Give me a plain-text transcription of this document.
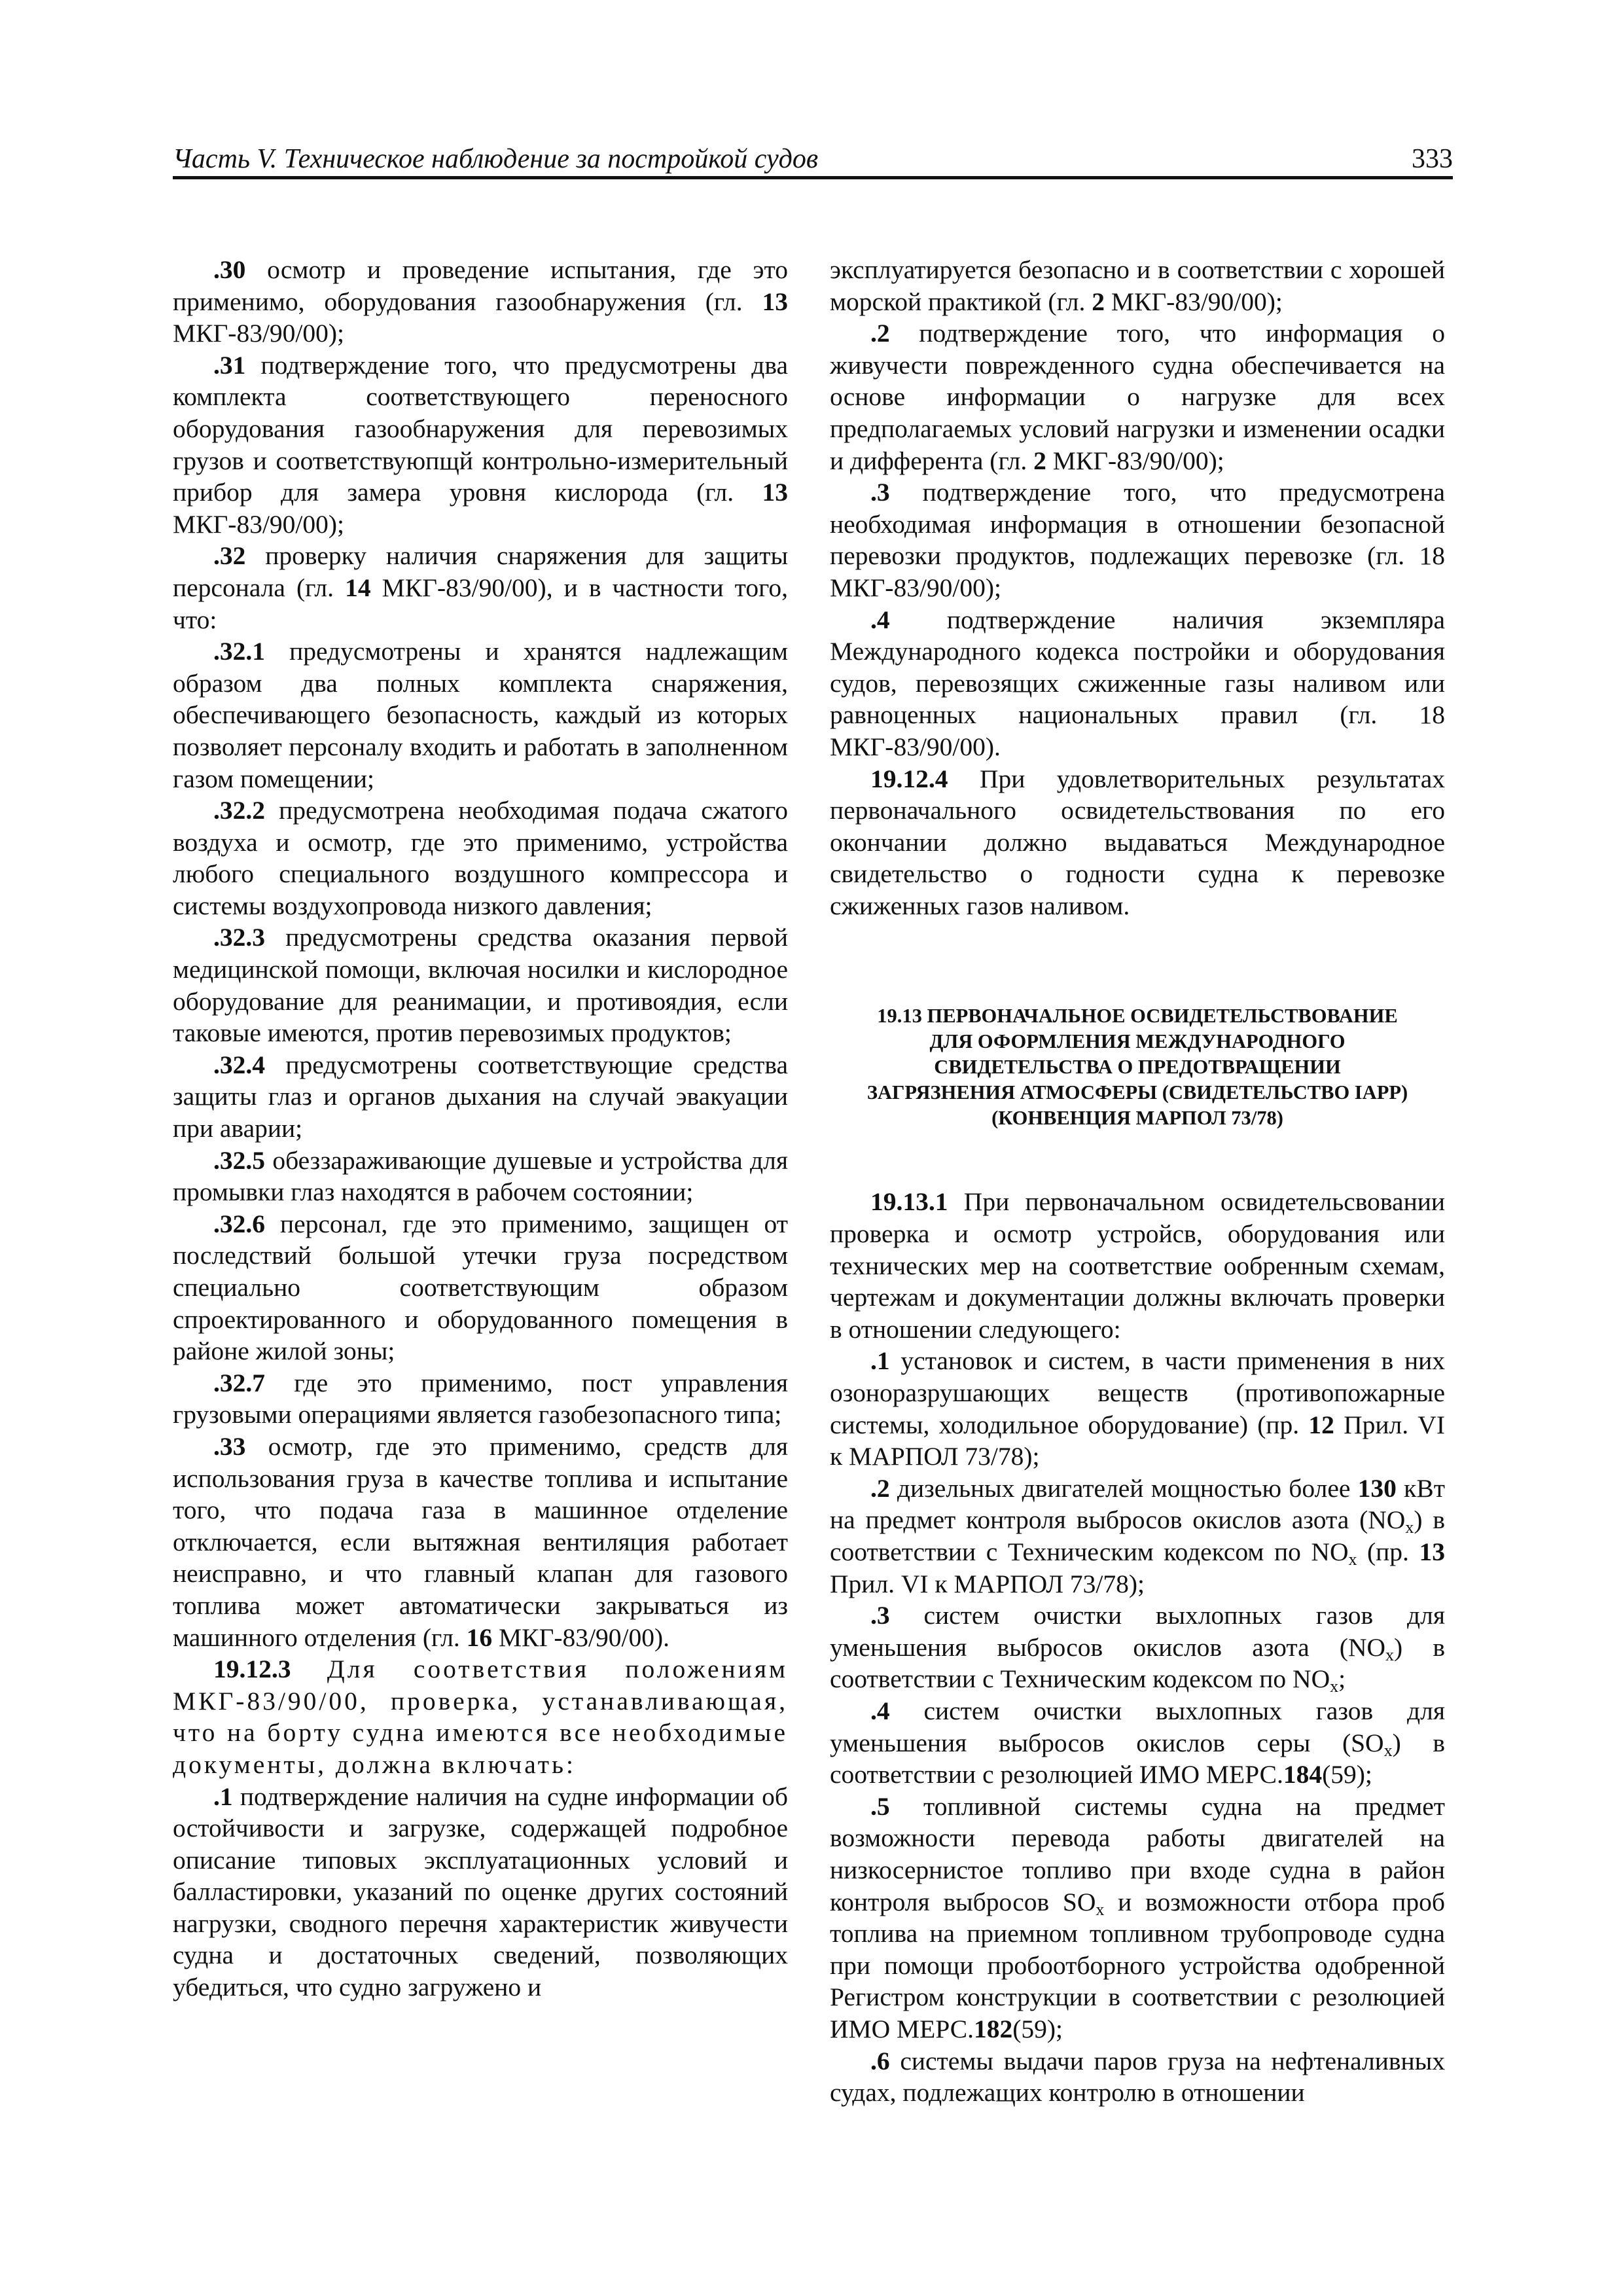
Часть V. Техническое наблюдение за постройкой судов	333

.30 осмотр и проведение испытания, где это применимо, оборудования газообнаружения (гл. 13 МКГ-83/90/00);

.31 подтверждение того, что предусмотрены два комплекта соответствующего переносного оборудования газообнаружения для перевозимых грузов и соответствуюпщй контрольно-измерительный прибор для замера уровня кислорода (гл. 13 МКГ-83/90/00);

.32 проверку наличия снаряжения для защиты персонала (гл. 14 МКГ-83/90/00), и в частности того, что:

.32.1 предусмотрены и хранятся надлежащим образом два полных комплекта снаряжения, обеспечивающего безопасность, каждый из которых позволяет персоналу входить и работать в заполненном газом помещении;

.32.2 предусмотрена необходимая подача сжатого воздуха и осмотр, где это применимо, устройства любого специального воздушного компрессора и системы воздухопровода низкого давления;

.32.3 предусмотрены средства оказания первой медицинской помощи, включая носилки и кислородное оборудование для реанимации, и противоядия, если таковые имеются, против перевозимых продуктов;

.32.4 предусмотрены соответствующие средства защиты глаз и органов дыхания на случай эвакуации при аварии;

.32.5 обеззараживающие душевые и устройства для промывки глаз находятся в рабочем состоянии;

.32.6 персонал, где это применимо, защищен от последствий большой утечки груза посредством специально соответствующим образом спроектированного и оборудованного помещения в районе жилой зоны;

.32.7 где это применимо, пост управления грузовыми операциями является газобезопасного типа;

.33 осмотр, где это применимо, средств для использования груза в качестве топлива и испытание того, что подача газа в машинное отделение отключается, если вытяжная вентиляция работает неисправно, и что главный клапан для газового топлива может автоматически закрываться из машинного отделения (гл. 16 МКГ-83/90/00).

19.12.3 Для соответствия положениям МКГ-83/90/00, проверка, устанавливающая, что на борту судна имеются все необходимые документы, должна включать:

.1 подтверждение наличия на судне информации об остойчивости и загрузке, содержащей подробное описание типовых эксплуатационных условий и балластировки, указаний по оценке других состояний нагрузки, сводного перечня характеристик живучести судна и достаточных сведений, позволяющих убедиться, что судно загружено и

эксплуатируется безопасно и в соответствии с хорошей морской практикой (гл. 2 МКГ-83/90/00);

.2 подтверждение того, что информация о живучести поврежденного судна обеспечивается на основе информации о нагрузке для всех предполагаемых условий нагрузки и изменении осадки и дифферента (гл. 2 МКГ-83/90/00);

.3 подтверждение того, что предусмотрена необходимая информация в отношении безопасной перевозки продуктов, подлежащих перевозке (гл. 18 МКГ-83/90/00);

.4 подтверждение наличия экземпляра Международного кодекса постройки и оборудования судов, перевозящих сжиженные газы наливом или равноценных национальных правил (гл. 18 МКГ-83/90/00).

19.12.4 При удовлетворительных результатах первоначального освидетельствования по его окончании должно выдаваться Международное свидетельство о годности судна к перевозке сжиженных газов наливом.

19.13 ПЕРВОНАЧАЛЬНОЕ ОСВИДЕТЕЛЬСТВОВАНИЕ
ДЛЯ ОФОРМЛЕНИЯ МЕЖДУНАРОДНОГО
СВИДЕТЕЛЬСТВА О ПРЕДОТВРАЩЕНИИ
ЗАГРЯЗНЕНИЯ АТМОСФЕРЫ (СВИДЕТЕЛЬСТВО IAPP)
(КОНВЕНЦИЯ МАРПОЛ 73/78)

19.13.1 При первоначальном освидетельсвовании проверка и осмотр устройсв, оборудования или технических мер на соответствие ообренным схемам, чертежам и документации должны включать проверки в отношении следующего:

.1 установок и систем, в части применения в них озоноразрушающих веществ (противопожарные системы, холодильное оборудование) (пр. 12 Прил. VI к МАРПОЛ 73/78);

.2 дизельных двигателей мощностью более 130 кВт на предмет контроля выбросов окислов азота $(NO_x)$ в соответствии с Техническим кодексом по $NO_x$ (пр. 13 Прил. VI к МАРПОЛ 73/78);

.3 систем очистки выхлопных газов для уменьшения выбросов окислов азота $(NO_x)$ в соответствии с Техническим кодексом по $NO_x$;

.4 систем очистки выхлопных газов для уменьшения выбросов окислов серы $(SO_x)$ в соответствии с резолюцией ИМО МЕРС.184(59);

.5 топливной системы судна на предмет возможности перевода работы двигателей на низкосернистое топливо при входе судна в район контроля выбросов $SO_x$ и возможности отбора проб топлива на приемном топливном трубопроводе судна при помощи пробоотборного устройства одобренной Регистром конструкции в соответствии с резолюцией ИМО МЕРС.182(59);

.6 системы выдачи паров груза на нефтеналивных судах, подлежащих контролю в отношении
